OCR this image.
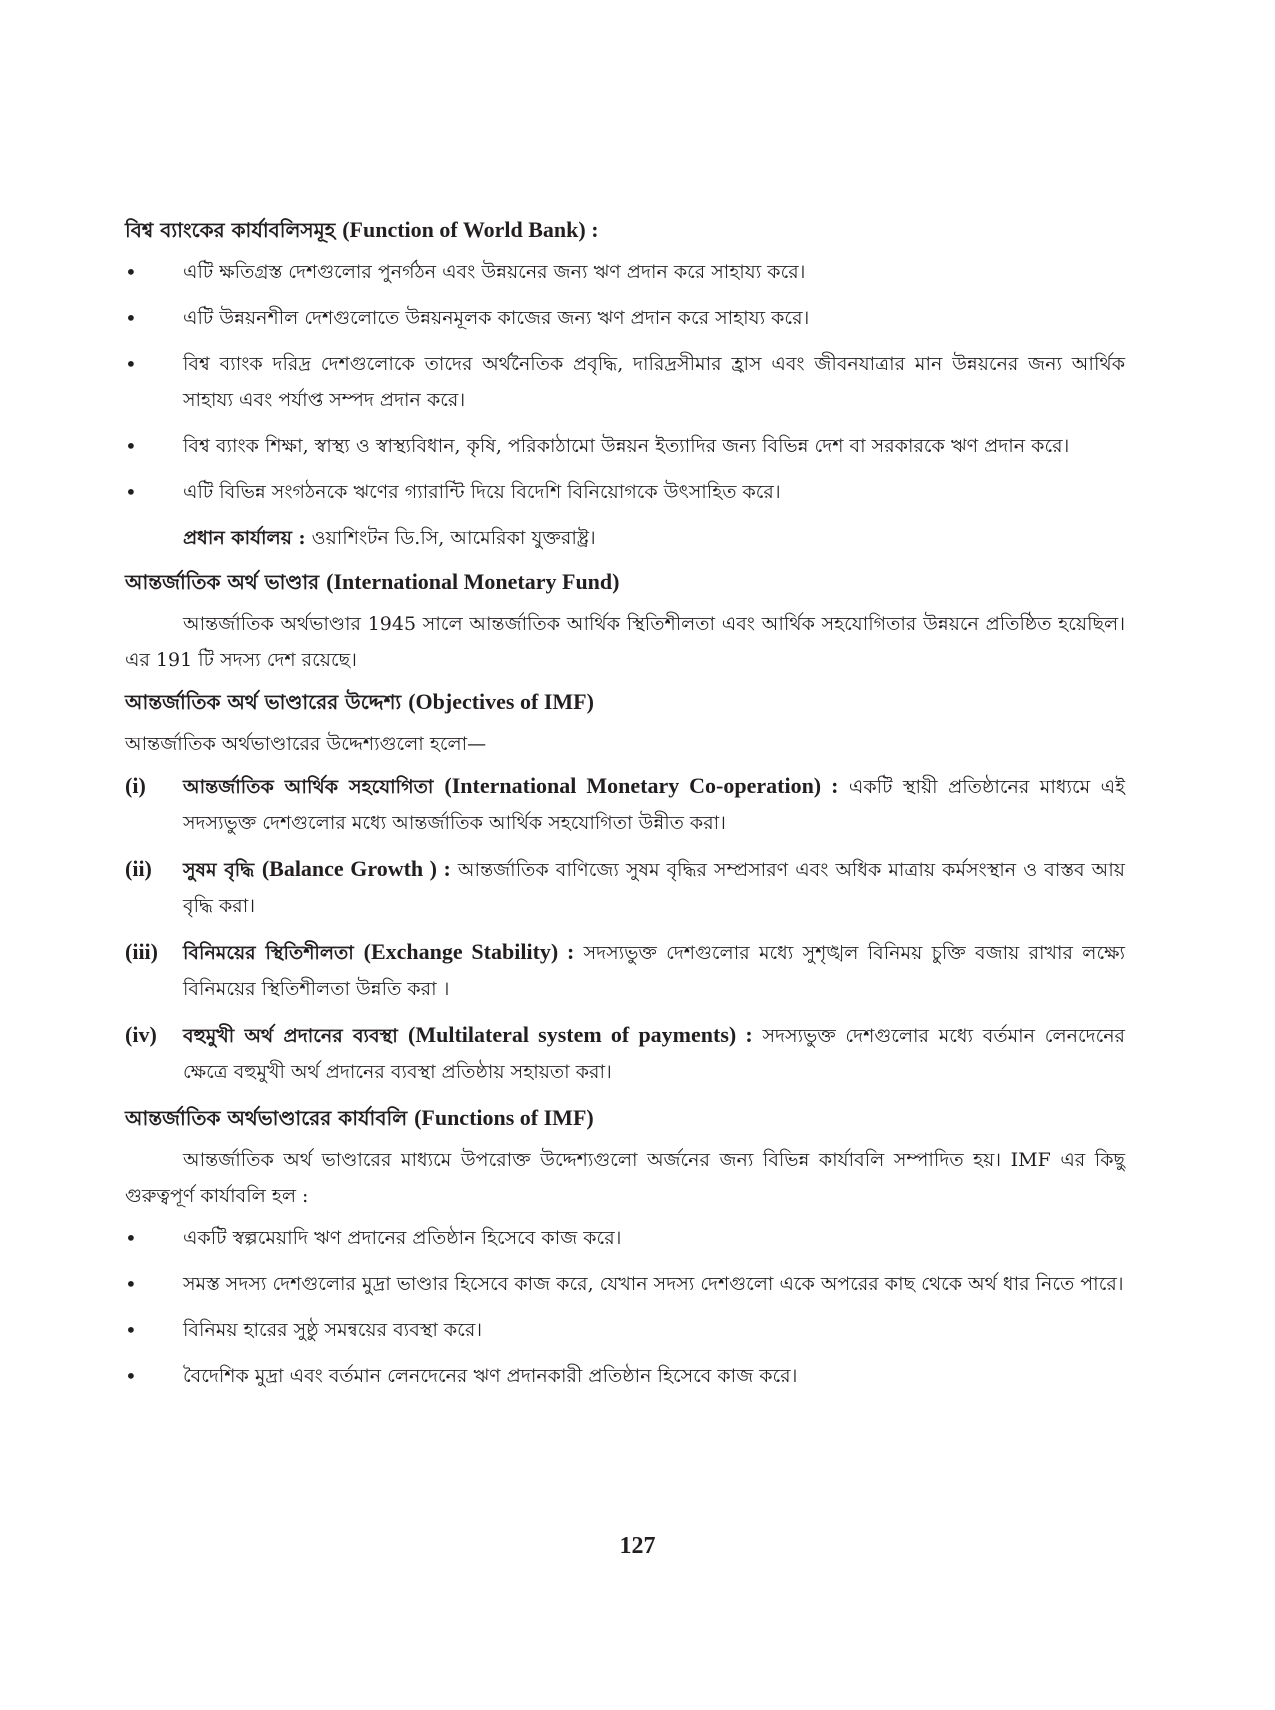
বিশ্ব ব্যাংকের কার্যাবলিসমূহ (Function of World Bank) :
•	এটি ক্ষতিগ্রস্ত দেশগুলোর পুনর্গঠন এবং উন্নয়নের জন্য ঋণ প্রদান করে সাহায্য করে।
•	এটি উন্নয়নশীল দেশগুলোতে উন্নয়নমূলক কাজের জন্য ঋণ প্রদান করে সাহায্য করে।
•	বিশ্ব ব্যাংক দরিদ্র দেশগুলোকে তাদের অর্থনৈতিক প্রবৃদ্ধি, দারিদ্রসীমার হ্রাস এবং জীবনযাত্রার মান উন্নয়নের জন্য আর্থিক সাহায্য এবং পর্যাপ্ত সম্পদ প্রদান করে।
•	বিশ্ব ব্যাংক শিক্ষা, স্বাস্থ্য ও স্বাস্থ্যবিধান, কৃষি, পরিকাঠামো উন্নয়ন ইত্যাদির জন্য বিভিন্ন দেশ বা সরকারকে ঋণ প্রদান করে।
•	এটি বিভিন্ন সংগঠনকে ঋণের গ্যারান্টি দিয়ে বিদেশি বিনিয়োগকে উৎসাহিত করে।
প্রধান কার্যালয় : ওয়াশিংটন ডি.সি, আমেরিকা যুক্তরাষ্ট্র।
আন্তর্জাতিক অর্থ ভাণ্ডার (International Monetary Fund)

আন্তর্জাতিক অর্থভাণ্ডার 1945 সালে আন্তর্জাতিক আর্থিক স্থিতিশীলতা এবং আর্থিক সহযোগিতার উন্নয়নে প্রতিষ্ঠিত হয়েছিল। এর 191 টি সদস্য দেশ রয়েছে।

আন্তর্জাতিক অর্থ ভাণ্ডারের উদ্দেশ্য (Objectives of IMF)

আন্তর্জাতিক অর্থভাণ্ডারের উদ্দেশ্যগুলো হলো—

(i)	আন্তর্জাতিক আর্থিক সহযোগিতা (International Monetary Co-operation) : একটি স্থায়ী প্রতিষ্ঠানের মাধ্যমে এই সদস্যভুক্ত দেশগুলোর মধ্যে আন্তর্জাতিক আর্থিক সহযোগিতা উন্নীত করা।
(ii)	সুষম বৃদ্ধি (Balance Growth ) : আন্তর্জাতিক বাণিজ্যে সুষম বৃদ্ধির সম্প্রসারণ এবং অধিক মাত্রায় কর্মসংস্থান ও বাস্তব আয় বৃদ্ধি করা।
(iii)	বিনিময়ের স্থিতিশীলতা (Exchange Stability) : সদস্যভুক্ত দেশগুলোর মধ্যে সুশৃঙ্খল বিনিময় চুক্তি বজায় রাখার লক্ষ্যে বিনিময়ের স্থিতিশীলতা উন্নতি করা ।
(iv)	বহুমুখী অর্থ প্রদানের ব্যবস্থা (Multilateral system of payments) : সদস্যভুক্ত দেশগুলোর মধ্যে বর্তমান লেনদেনের ক্ষেত্রে বহুমুখী অর্থ প্রদানের ব্যবস্থা প্রতিষ্ঠায় সহায়তা করা।
আন্তর্জাতিক অর্থভাণ্ডারের কার্যাবলি (Functions of IMF)

আন্তর্জাতিক অর্থ ভাণ্ডারের মাধ্যমে উপরোক্ত উদ্দেশ্যগুলো অর্জনের জন্য বিভিন্ন কার্যাবলি সম্পাদিত হয়। IMF এর কিছু গুরুত্বপূর্ণ কার্যাবলি হল :

•	একটি স্বল্পমেয়াদি ঋণ প্রদানের প্রতিষ্ঠান হিসেবে কাজ করে।
•	সমস্ত সদস্য দেশগুলোর মুদ্রা ভাণ্ডার হিসেবে কাজ করে, যেখান সদস্য দেশগুলো একে অপরের কাছ থেকে অর্থ ধার নিতে পারে।
•	বিনিময় হারের সুষ্ঠু সমন্বয়ের ব্যবস্থা করে।
•	বৈদেশিক মুদ্রা এবং বর্তমান লেনদেনের ঋণ প্রদানকারী প্রতিষ্ঠান হিসেবে কাজ করে।
127
